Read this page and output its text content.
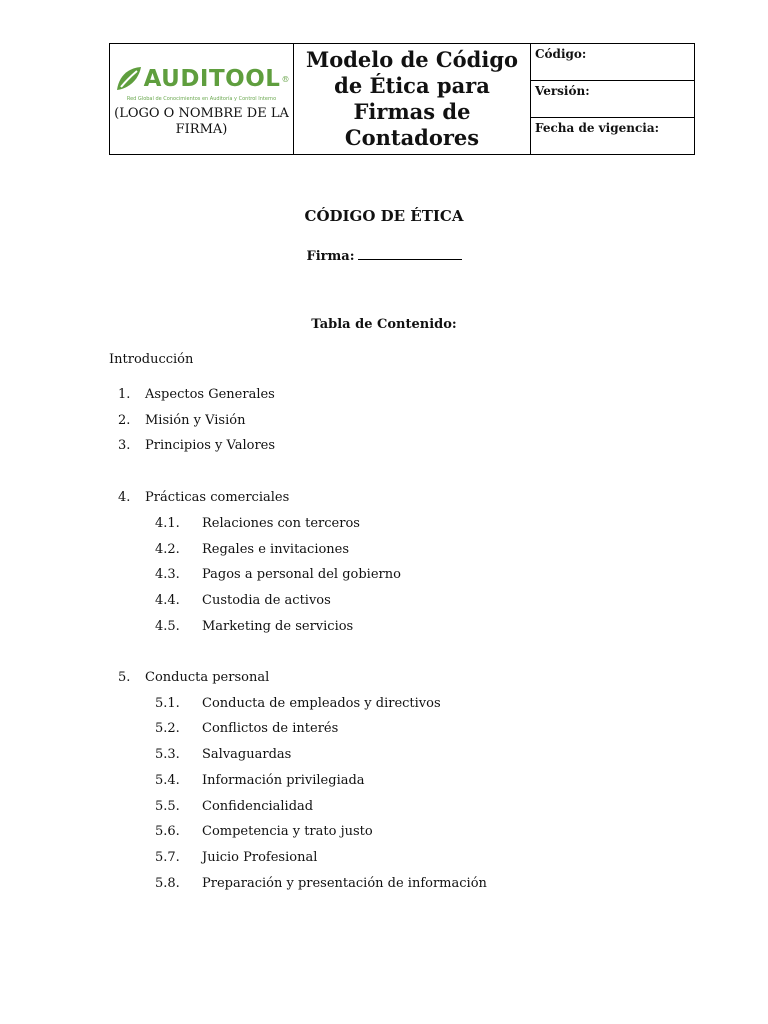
AUDITOOL ®
Red Global de Conocimientos en Auditoría y Control Interno
(LOGO O NOMBRE DE LA FIRMA)

Modelo de Código de Ética para Firmas de Contadores

Código:

Versión:

Fecha de vigencia:
CÓDIGO DE ÉTICA
Firma:
Tabla de Contenido:
Introducción
1. Aspectos Generales
2. Misión y Visión
3. Principios y Valores
4. Prácticas comerciales
4.1. Relaciones con terceros
4.2. Regales e invitaciones
4.3. Pagos a personal del gobierno
4.4. Custodia de activos
4.5. Marketing de servicios
5. Conducta personal
5.1. Conducta de empleados y directivos
5.2. Conflictos de interés
5.3. Salvaguardas
5.4. Información privilegiada
5.5. Confidencialidad
5.6. Competencia y trato justo
5.7. Juicio Profesional
5.8. Preparación y presentación de información
